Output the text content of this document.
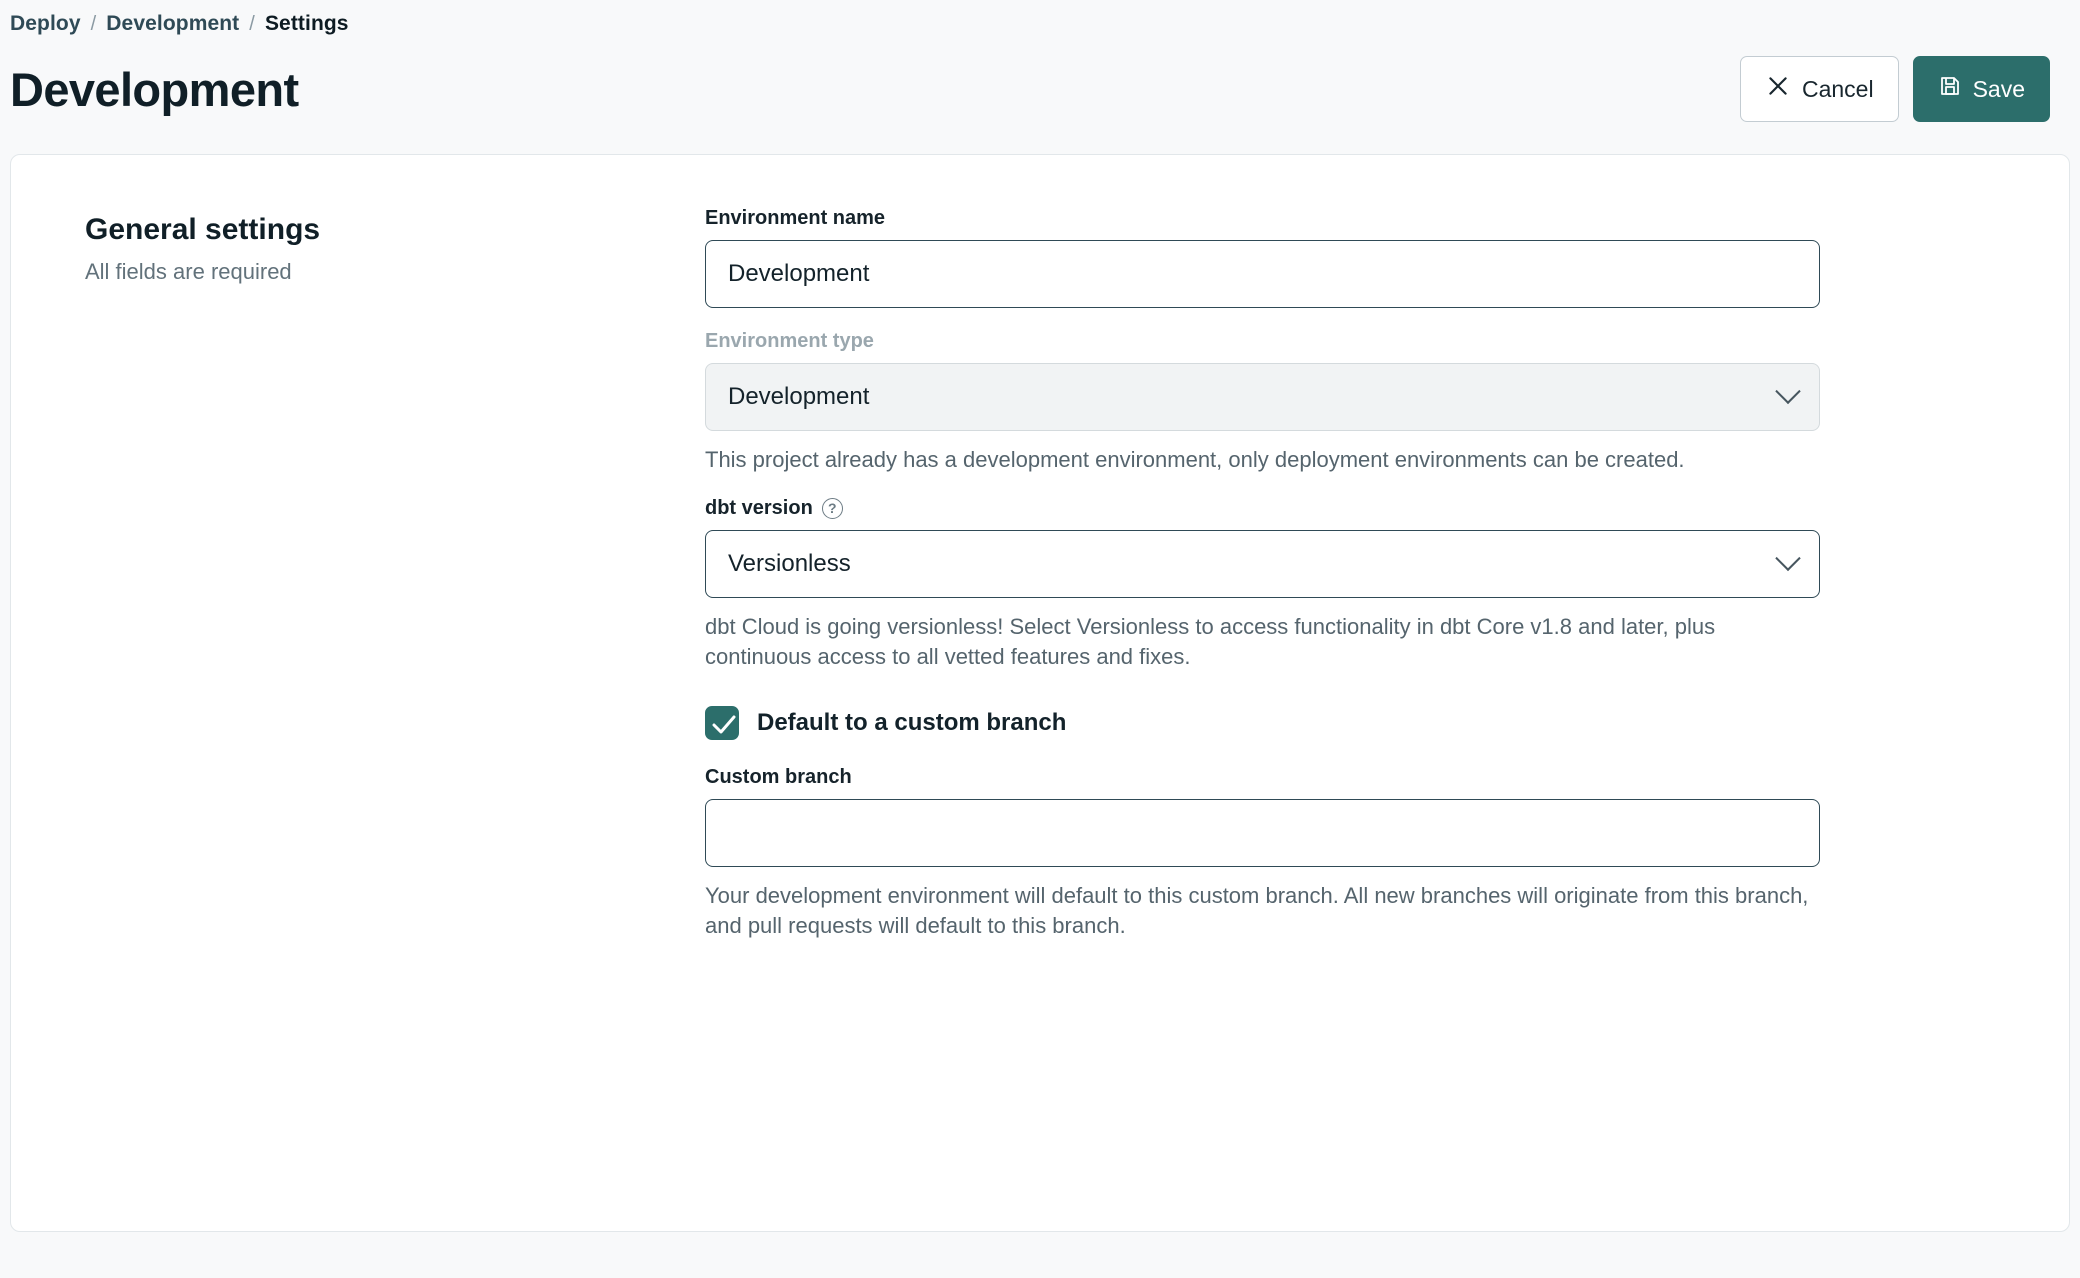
Deploy / Development / Settings
Development	Cancel	Save
General settings

All fields are required

Environment name
Development
Environment type
Development

This project already has a development environment, only deployment environments can be created.

dbt version	?
Versionless

dbt Cloud is going versionless! Select Versionless to access functionality in dbt Core v1.8 and later, plus continuous access to all vetted features and fixes.

Default to a custom branch
Custom branch

Your development environment will default to this custom branch. All new branches will originate from this branch, and pull requests will default to this branch.
